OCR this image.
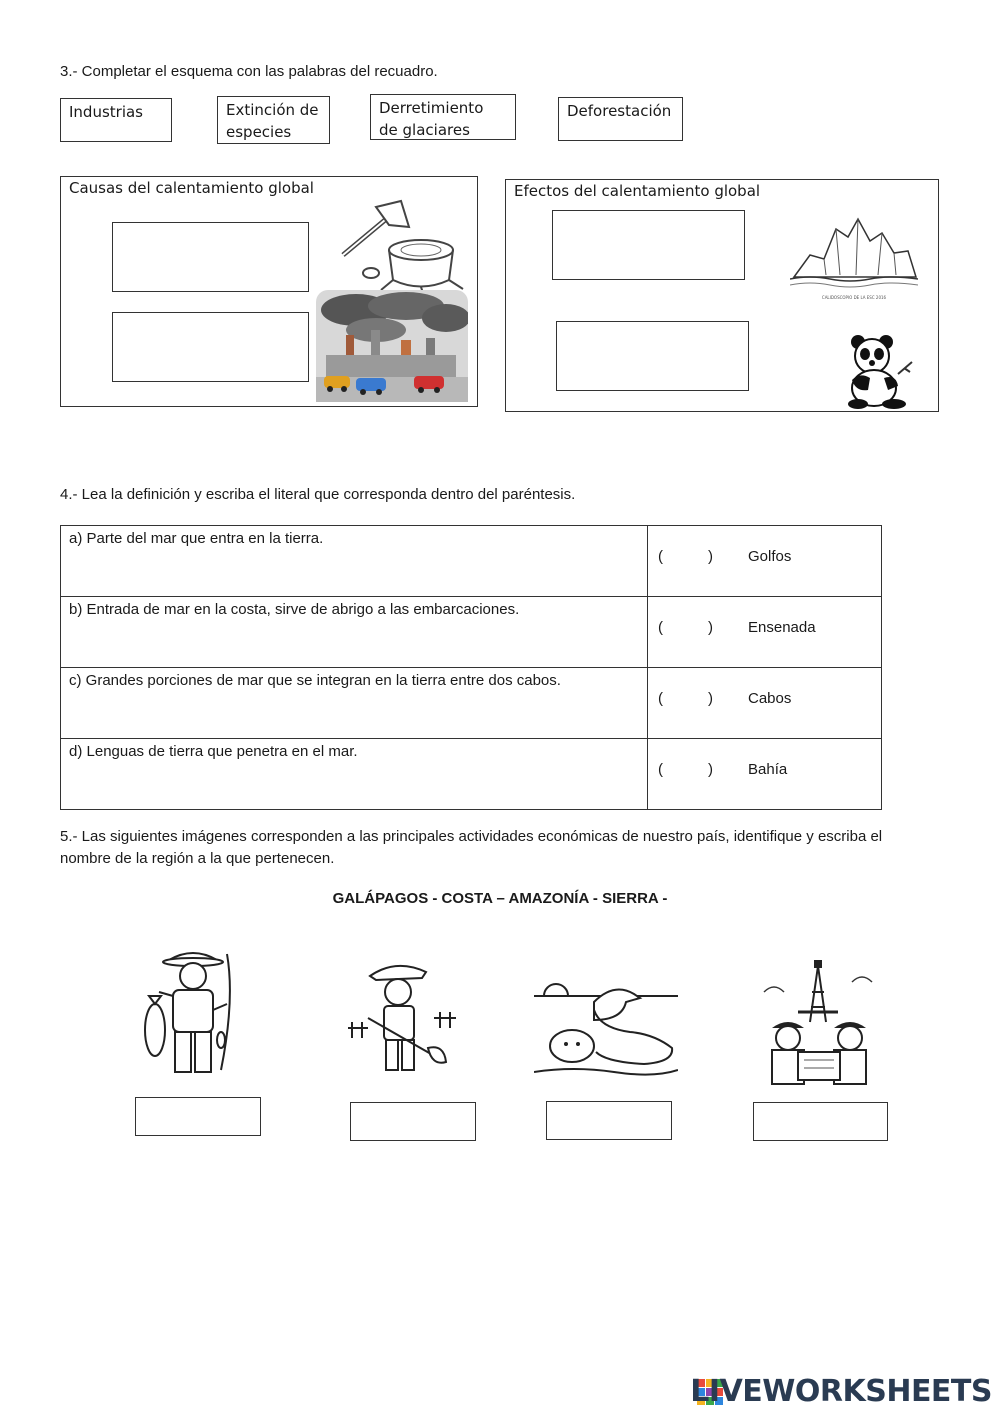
3.- Completar el esquema con las palabras del recuadro.
Industrias	Extinción de
especies
Derretimiento
de glaciares
Deforestación
Causas del calentamiento global	Efectos del calentamiento global
CALIDOSCOPIO DE LA ESC 2016
4.- Lea la definición y escriba el literal que corresponda dentro del paréntesis.
a) Parte del mar que entra en la tierra.	( ) Golfos

b) Entrada de mar en la costa, sirve de abrigo a las embarcaciones.	( ) Ensenada

c) Grandes porciones de mar que se integran en la tierra entre dos cabos.	( ) Cabos

d) Lenguas de tierra que penetra en el mar.	( ) Bahía
5.- Las siguientes imágenes corresponden a las principales actividades económicas de nuestro país, identifique y escriba el
nombre de la región a la que pertenecen.
GALÁPAGOS - COSTA – AMAZONÍA - SIERRA -
LIVEWORKSHEETS
